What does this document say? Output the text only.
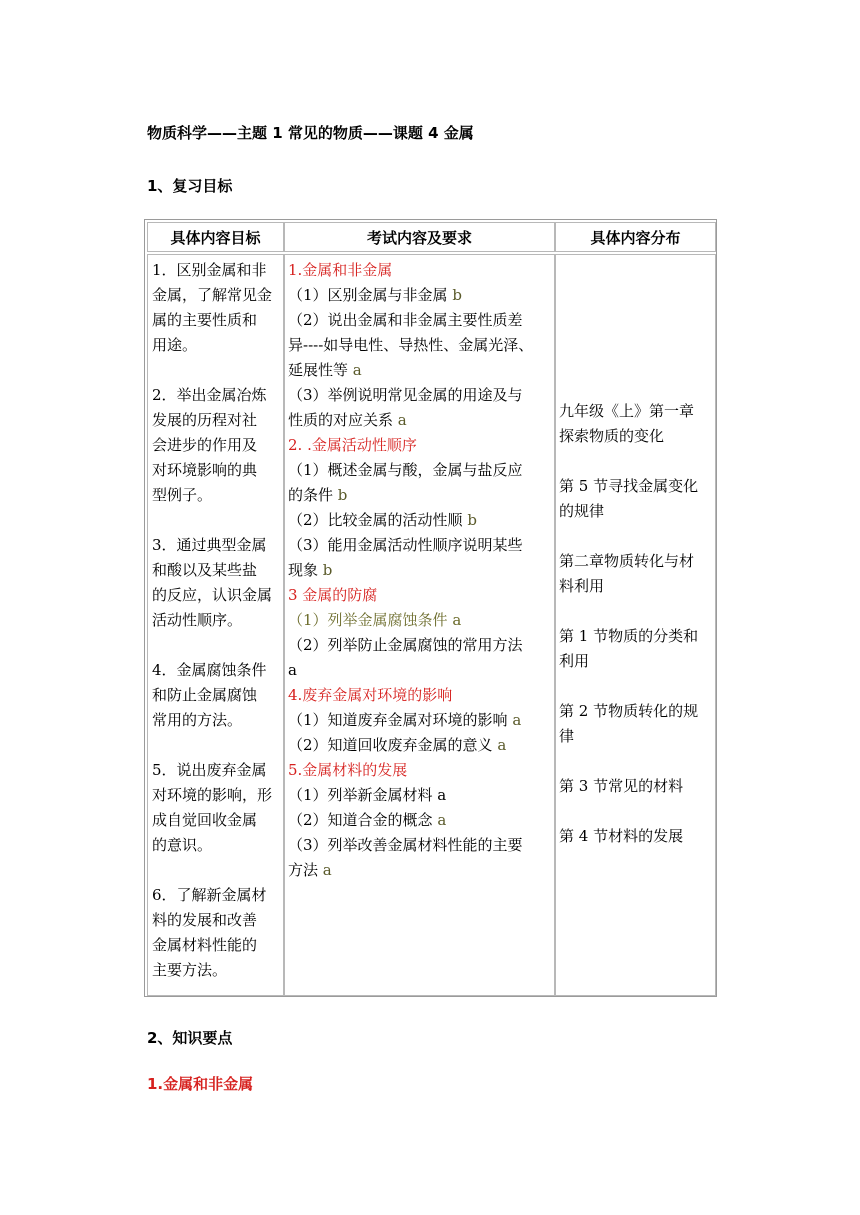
物质科学——主题 1 常见的物质——课题 4 金属
1、复习目标
具体内容目标	考试内容及要求	具体内容分布
1．区别金属和非
金属，了解常见金
属的主要性质和
用途。
2．举出金属冶炼
发展的历程对社
会进步的作用及
对环境影响的典
型例子。
3．通过典型金属
和酸以及某些盐
的反应，认识金属
活动性顺序。
4．金属腐蚀条件
和防止金属腐蚀
常用的方法。
5．说出废弃金属
对环境的影响，形
成自觉回收金属
的意识。
6．了解新金属材
料的发展和改善
金属材料性能的
主要方法。
1.金属和非金属
（1）区别金属与非金属 b
（2）说出金属和非金属主要性质差
异----如导电性、导热性、金属光泽、
延展性等 a
（3）举例说明常见金属的用途及与
性质的对应关系 a
2. .金属活动性顺序
（1）概述金属与酸，金属与盐反应
的条件 b
（2）比较金属的活动性顺 b
（3）能用金属活动性顺序说明某些
现象 b
3 金属的防腐
（1）列举金属腐蚀条件 a
（2）列举防止金属腐蚀的常用方法
a
4.废弃金属对环境的影响
（1）知道废弃金属对环境的影响 a
（2）知道回收废弃金属的意义 a
5.金属材料的发展
（1）列举新金属材料 a
（2）知道合金的概念 a
（3）列举改善金属材料性能的主要
方法 a
九年级《上》第一章
探索物质的变化
第 5 节寻找金属变化
的规律
第二章物质转化与材
料利用
第 1 节物质的分类和
利用
第 2 节物质转化的规
律
第 3 节常见的材料
第 4 节材料的发展
2、知识要点
1.金属和非金属
